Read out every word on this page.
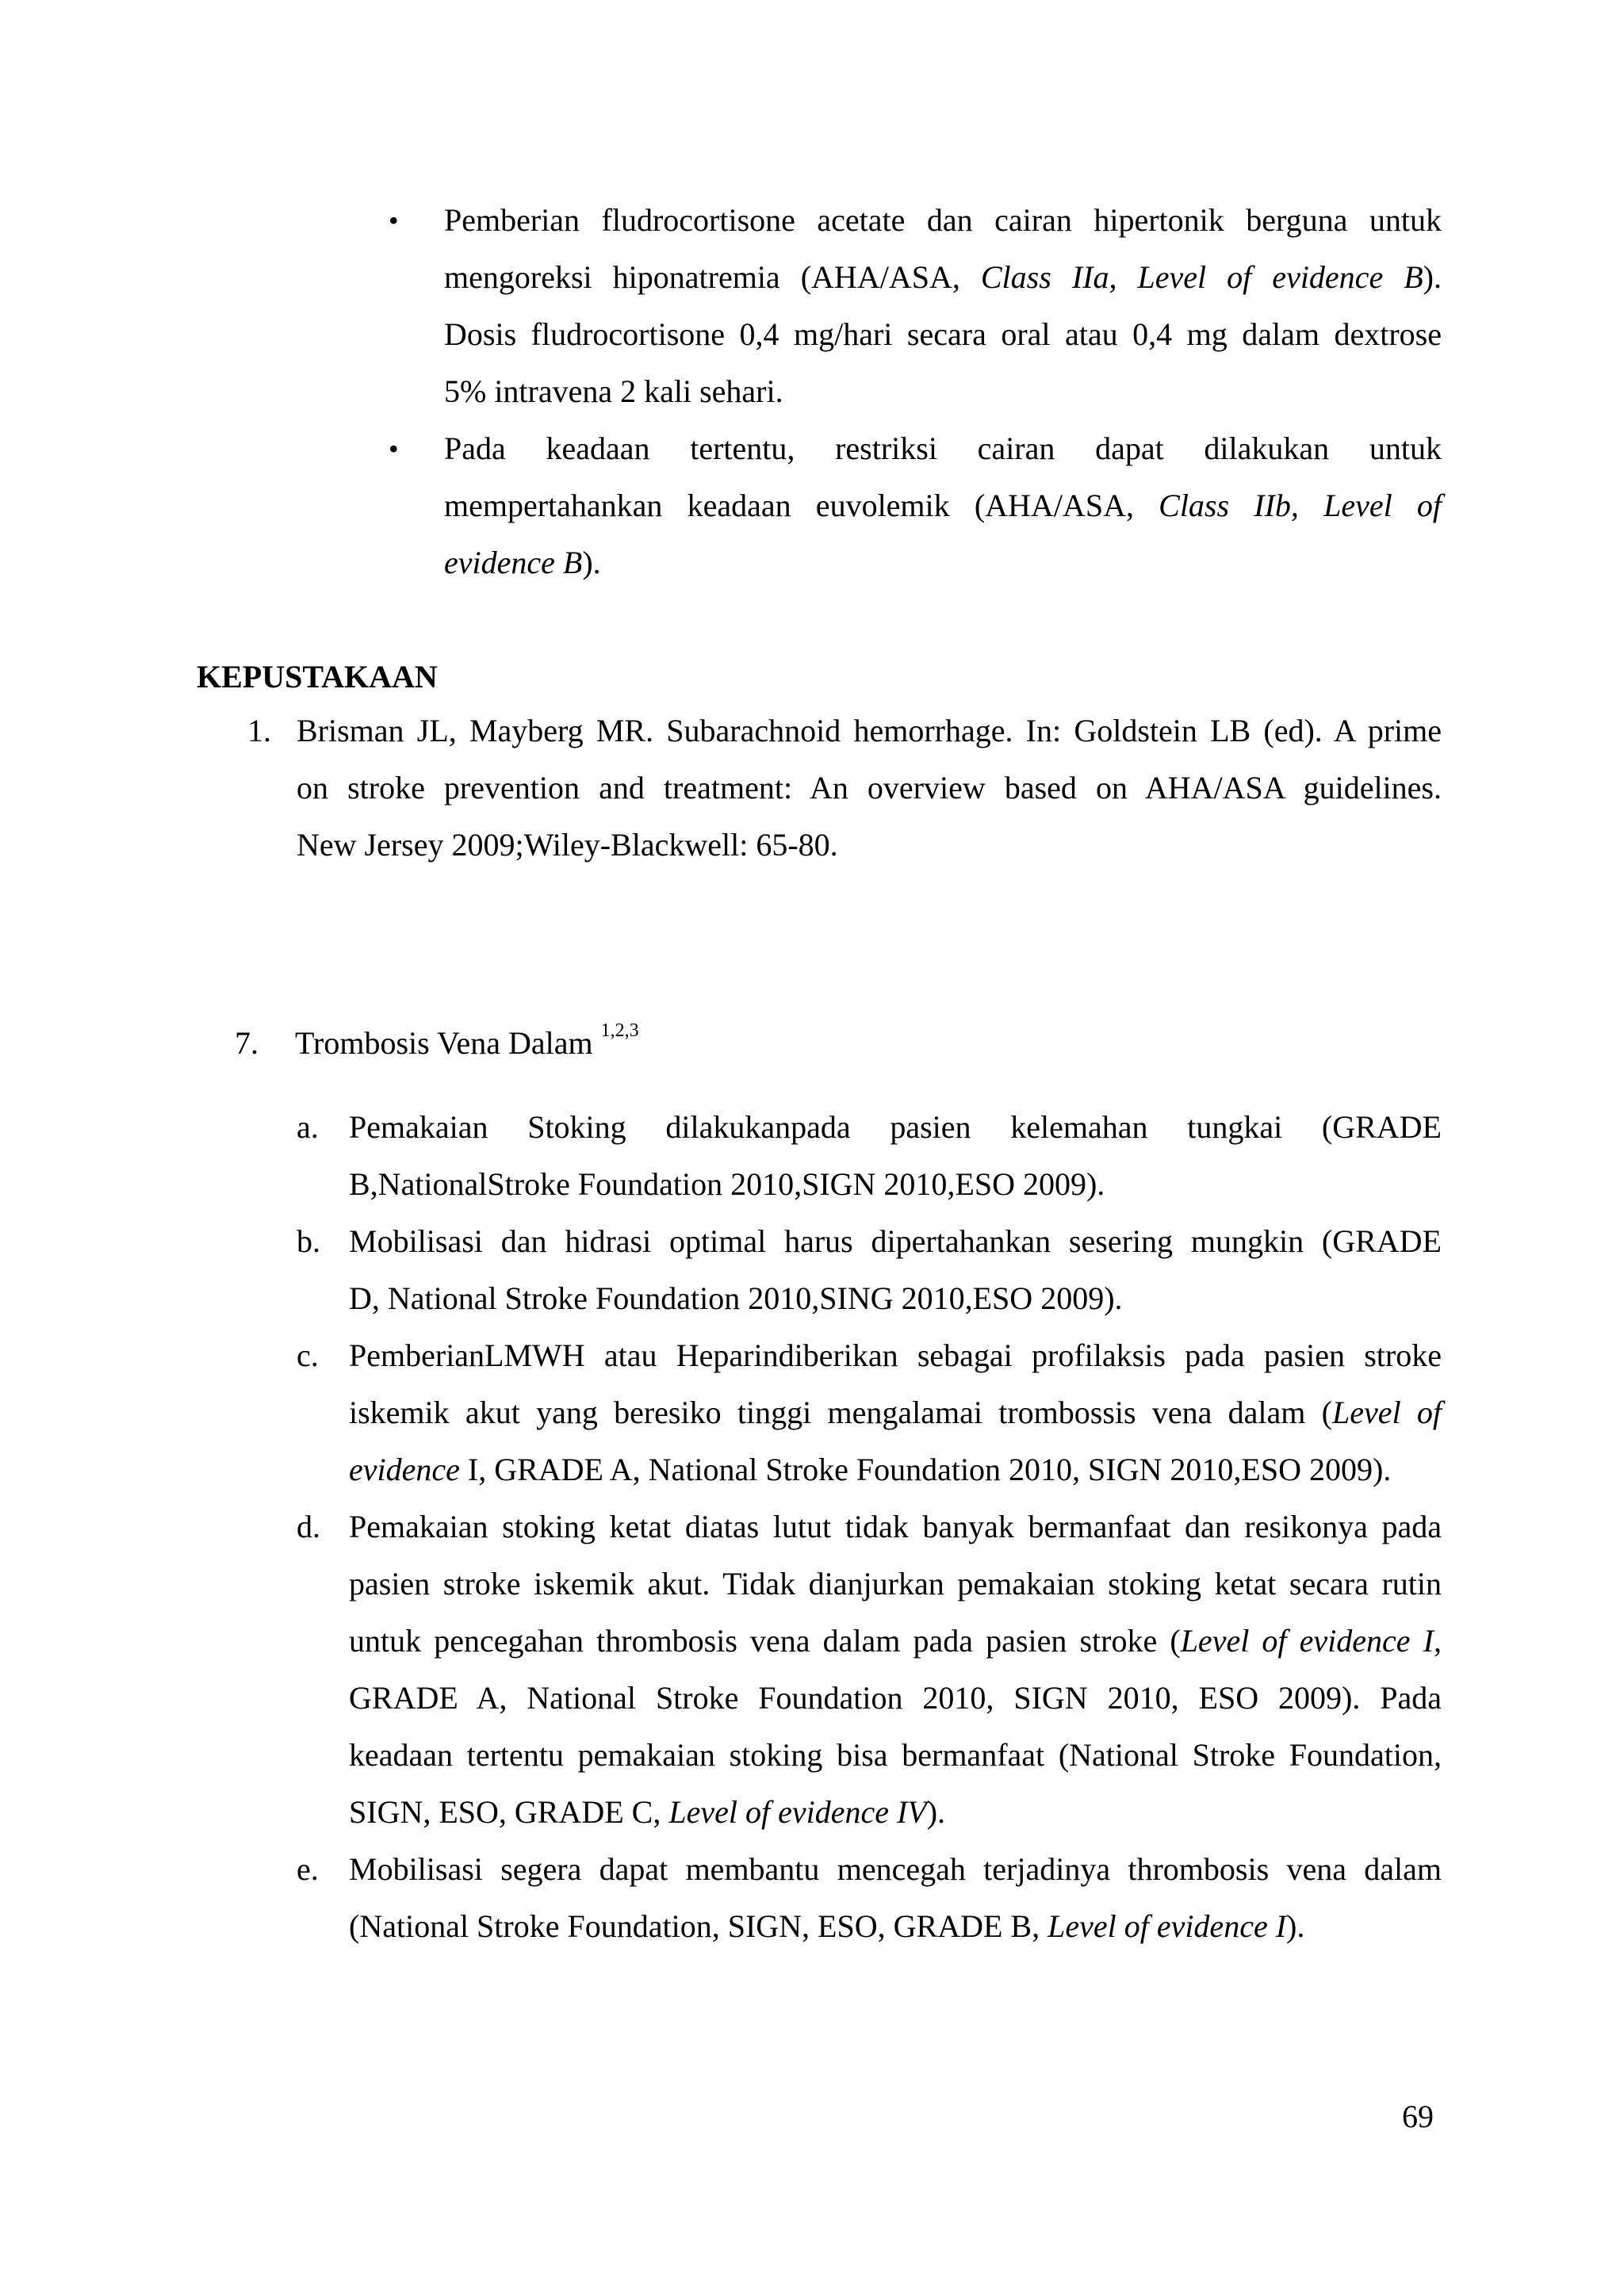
•	Pemberian fludrocortisone acetate dan cairan hipertonik berguna untuk
mengoreksi hiponatremia (AHA/ASA, Class IIa, Level of evidence B).
Dosis fludrocortisone 0,4 mg/hari secara oral atau 0,4 mg dalam dextrose
5% intravena 2 kali sehari.
•	Pada keadaan tertentu, restriksi cairan dapat dilakukan untuk
mempertahankan keadaan euvolemik (AHA/ASA, Class IIb, Level of
evidence B).
KEPUSTAKAAN
1. Brisman JL, Mayberg MR. Subarachnoid hemorrhage. In: Goldstein LB (ed). A prime
on stroke prevention and treatment: An overview based on AHA/ASA guidelines.
New Jersey 2009;Wiley-Blackwell: 65-80.
7. Trombosis Vena Dalam $^{1,2,3}$
a. Pemakaian Stoking dilakukanpada pasien kelemahan tungkai (GRADE
B,NationalStroke Foundation 2010,SIGN 2010,ESO 2009).
b. Mobilisasi dan hidrasi optimal harus dipertahankan sesering mungkin (GRADE
D, National Stroke Foundation 2010,SING 2010,ESO 2009).
c. PemberianLMWH atau Heparindiberikan sebagai profilaksis pada pasien stroke
iskemik akut yang beresiko tinggi mengalamai trombossis vena dalam (Level of
evidence I, GRADE A, National Stroke Foundation 2010, SIGN 2010,ESO 2009).
d. Pemakaian stoking ketat diatas lutut tidak banyak bermanfaat dan resikonya pada
pasien stroke iskemik akut. Tidak dianjurkan pemakaian stoking ketat secara rutin
untuk pencegahan thrombosis vena dalam pada pasien stroke (Level of evidence I,
GRADE A, National Stroke Foundation 2010, SIGN 2010, ESO 2009). Pada
keadaan tertentu pemakaian stoking bisa bermanfaat (National Stroke Foundation,
SIGN, ESO, GRADE C, Level of evidence IV).
e. Mobilisasi segera dapat membantu mencegah terjadinya thrombosis vena dalam
(National Stroke Foundation, SIGN, ESO, GRADE B, Level of evidence I).
69
